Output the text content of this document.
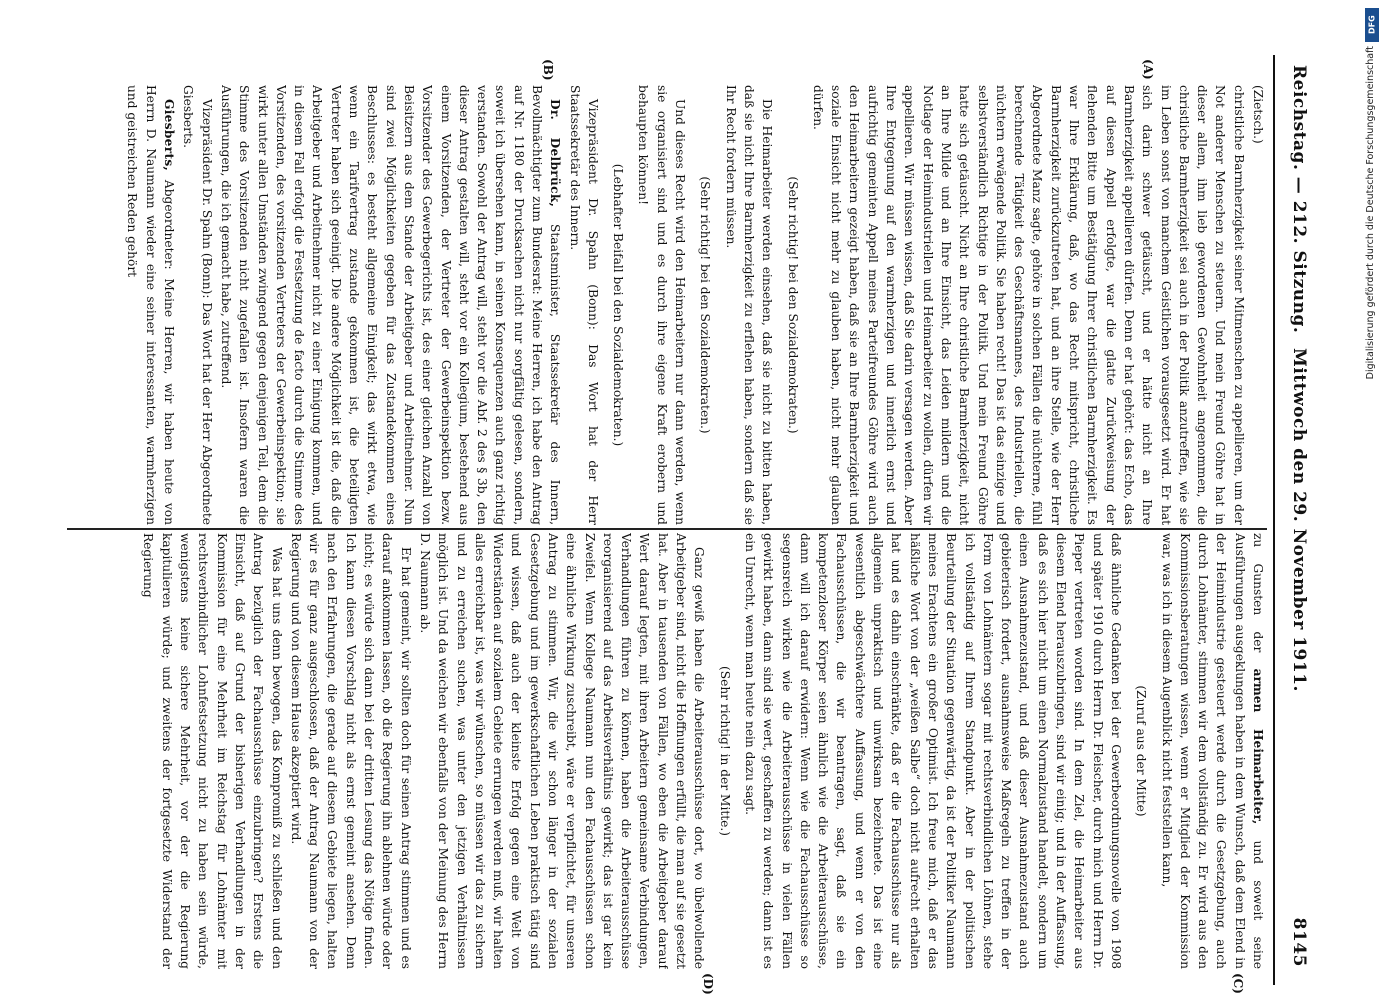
Reichstag. — 212. Sitzung.
Mittwoch den 29. November 1911.
8145
(A)
(B)
(C)
(D)

(Zietsch.)

christliche Barmherzigkeit seiner Mitmenschen zu appellieren, um der Not anderer Menschen zu steuern. Und mein Freund Göhre hat in dieser allem, ihm lieb gewordenen Gewohnheit angenommen, die christliche Barmherzigkeit sei auch in der Politik anzutreffen, wie sie im Leben sonst von manchem Geistlichen vorausgesetzt wird. Er hat sich darin schwer getäuscht, und er hätte nicht an Ihre Barmherzigkeit appellieren dürfen. Denn er hat gehört: das Echo, das auf diesen Appell erfolgte, war die glatte Zurückweisung der flehenden Bitte um Bestätigung Ihrer christlichen Barmherzigkeit. Es war Ihre Erklärung, daß, wo das Recht mitspricht, christliche Barmherzigkeit zurückzutreten hat, und an ihre Stelle, wie der Herr Abgeordnete Manz sagte, gehöre in solchen Fällen die nüchterne, fühl berechnende Tätigkeit des Geschäftsmannes, des Industriellen, die nüchtern erwägende Politik. Sie haben recht! Das ist das einzige und selbstverständlich Richtige in der Politik. Und mein Freund Göhre hatte sich getäuscht. Nicht an Ihre christliche Barmherzigkeit, nicht an Ihre Milde und an Ihre Einsicht, das Leiden mildern und die Notlage der Heimindustriellen und Heimarbeiter zu wollen, dürfen wir appellieren. Wir müssen wissen, daß Sie darin versagen werden. Aber Ihre Entgegnung auf den warmherzigen und innerlich ernst und aufrichtig gemeinten Appell meines Parteifreundes Göhre wird auch den Heimarbeitern gezeigt haben, daß sie an Ihre Barmherzigkeit und soziale Einsicht nicht mehr zu glauben haben, nicht mehr glauben dürfen.

(Sehr richtig! bei den Sozialdemokraten.)

Die Heimarbeiter werden einsehen, daß sie nicht zu bitten haben, daß sie nicht Ihre Barmherzigkeit zu erflehen haben, sondern daß sie Ihr Recht fordern müssen.

(Sehr richtig! bei den Sozialdemokraten.)

Und dieses Recht wird den Heimarbeitern nur dann werden, wenn sie organisiert sind und es durch ihre eigene Kraft erobern und behaupten können!

(Lebhafter Beifall bei den Sozialdemokraten.)

Vizepräsident Dr. Spahn (Bonn): Das Wort hat der Herr Staatssekretär des Innern.

Dr. Delbrück, Staatsminister, Staatssekretär des Innern, Bevollmächtigter zum Bundesrat: Meine Herren, ich habe den Antrag auf Nr. 1180 der Drucksachen nicht nur sorgfältig gelesen, sondern, soweit ich übersehen kann, in seinen Konsequenzen auch ganz richtig verstanden. Sowohl der Antrag will, steht vor die Abf. 2 des § 3b, den dieser Antrag gestalten will, steht vor ein Kollegium, bestehend aus einem Vorsitzenden, der Vertreter der Gewerbeinspektion bezw. Vorsitzender des Gewerbegerichts ist, des einer gleichen Anzahl von Beisitzern aus dem Stande der Arbeitgeber und Arbeitnehmer. Nun sind zwei Möglichkeiten gegeben für das Zustandekommen eines Beschlusses: es besteht allgemeine Einigkeit; das wirkt etwa, wie wenn ein Tarifvertrag zustande gekommen ist, die beteiligten Vertreter haben sich geeinigt. Die andere Möglichkeit ist die, daß die Arbeitgeber und Arbeitnehmer nicht zu einer Einigung kommen, und in diesem Fall erfolgt die Festsetzung de facto durch die Stimme des Vorsitzenden, des vorsitzenden Vertreters der Gewerbeinspektion; sie wirkt unter allen Umständen zwingend gegen denjenigen Teil, dem die Stimme des Vorsitzenden nicht zugefallen ist. Insofern waren die Ausführungen, die ich gemacht habe, zutreffend.

Vizepräsident Dr. Spahn (Bonn): Das Wort hat der Herr Abgeordnete Giesberts.

Giesberts, Abgeordneter: Meine Herren, wir haben heute von Herrn D. Naumann wieder eine seiner interessanten, warmherzigen und geistreichen Reden gehört

zu Gunsten der armen Heimarbeiter, und soweit seine Ausführungen ausgeklungen haben in dem Wunsch, daß dem Elend in der Heimindustrie gesteuert werde durch die Gesetzgebung, auch durch Lohnämter, stimmen wir dem vollständig zu. Er wird aus den Kommissionsberatungen wissen, wenn er Mitglied der Kommission war, was ich in diesem Augenblick nicht feststellen kann,

(Zuruf aus der Mitte)

daß ähnliche Gedanken bei der Gewerbeordnungsnovelle von 1908 und später 1910 durch Herrn Dr. Fleischer, durch mich und Herrn Dr. Pieper vertreten worden sind. In dem Ziel, die Heimarbeiter aus diesem Elend herauszubringen, sind wir einig; und in der Auffassung, daß es sich hier nicht um einen Normalzustand handelt, sondern um einen Ausnahmezustand, und daß dieser Ausnahmezustand auch gebieterisch fordert, ausnahmsweise Maßregeln zu treffen in der Form von Lohnämtern sogar mit rechtsverbindlichen Löhnen, stehe ich vollständig auf Ihrem Standpunkt. Aber in der politischen Beurteilung der Situation gegenwärtig, da ist der Politiker Naumann meines Erachtens ein großer Optimist. Ich freue mich, daß er das häßliche Wort von der „weißen Salbe“ doch nicht aufrecht erhalten hat und es dahin einschränkte, daß er die Fachausschüsse nur als allgemein unpraktisch und unwirksam bezeichnete. Das ist eine wesentlich abgeschwächtere Auffassung, und wenn er von den Fachausschüssen, die wir beantragen, sagt, daß sie ein kompetenzloser Körper seien ähnlich wie die Arbeiterausschüsse, dann will ich darauf erwidern: Wenn wie die Fachausschüsse so segensreich wirken wie die Arbeiterausschüsse in vielen Fällen gewirkt haben, dann sind sie wert, geschaffen zu werden; dann ist es ein Unrecht, wenn man heute nein dazu sagt.

(Sehr richtig! in der Mitte.)

Ganz gewiß haben die Arbeiterausschüsse dort, wo übelwollende Arbeitgeber sind, nicht die Hoffnungen erfüllt, die man auf sie gesetzt hat. Aber in tausenden von Fällen, wo eben die Arbeitgeber darauf Wert darauf legten, mit ihren Arbeitern gemeinsame Verbindungen, Verhandlungen führen zu können, haben die Arbeiterausschüsse reorganisierend auf das Arbeitsverhältnis gewirkt; das ist gar kein Zweifel. Wenn Kollege Naumann nun den Fachausschüssen schon eine ähnliche Wirkung zuschreibt, wäre er verpflichtet, für unseren Antrag zu stimmen. Wir, die wir schon länger in der sozialen Gesetzgebung und im gewerkschaftlichen Leben praktisch tätig sind und wissen, daß auch der kleinste Erfolg gegen eine Welt von Widerständen auf sozialem Gebiete errungen werden muß, wir halten alles erreichbar ist, was wir wünschen, so müssen wir das zu sichern und zu erreichen suchen, was unter den jetzigen Verhältnissen möglich ist. Und da weichen wir ebenfalls von der Meinung des Herrn D. Naumann ab.

Er hat gemeint, wir sollten doch für seinen Antrag stimmen und es darauf ankommen lassen, ob die Regierung ihn ablehnen würde oder nicht; es würde sich dann bei der dritten Lesung das Nötige finden. Ich kann diesen Vorschlag nicht als ernst gemeint ansehen. Denn nach den Erfahrungen, die gerade auf diesem Gebiete liegen, halten wir es für ganz ausgeschlossen, daß der Antrag Naumann von der Regierung und von diesem Hause akzeptiert wird.

Was hat uns denn bewogen, das Kompromiß zu schließen und den Antrag bezüglich der Fachausschüsse einzubringen? Erstens die Einsicht, daß auf Grund der bisherigen Verhandlungen in der Kommission für eine Mehrheit im Reichstag für Lohnämter mit rechtsverbindlicher Lohnfestsetzung nicht zu haben sein würde, wenigstens keine sichere Mehrheit, vor der die Regierung kapitulieren würde; und zweitens der fortgesetzte Widerstand der Regierung

DFG
Digitalisierung gefördert durch die Deutsche Forschungsgemeinschaft
